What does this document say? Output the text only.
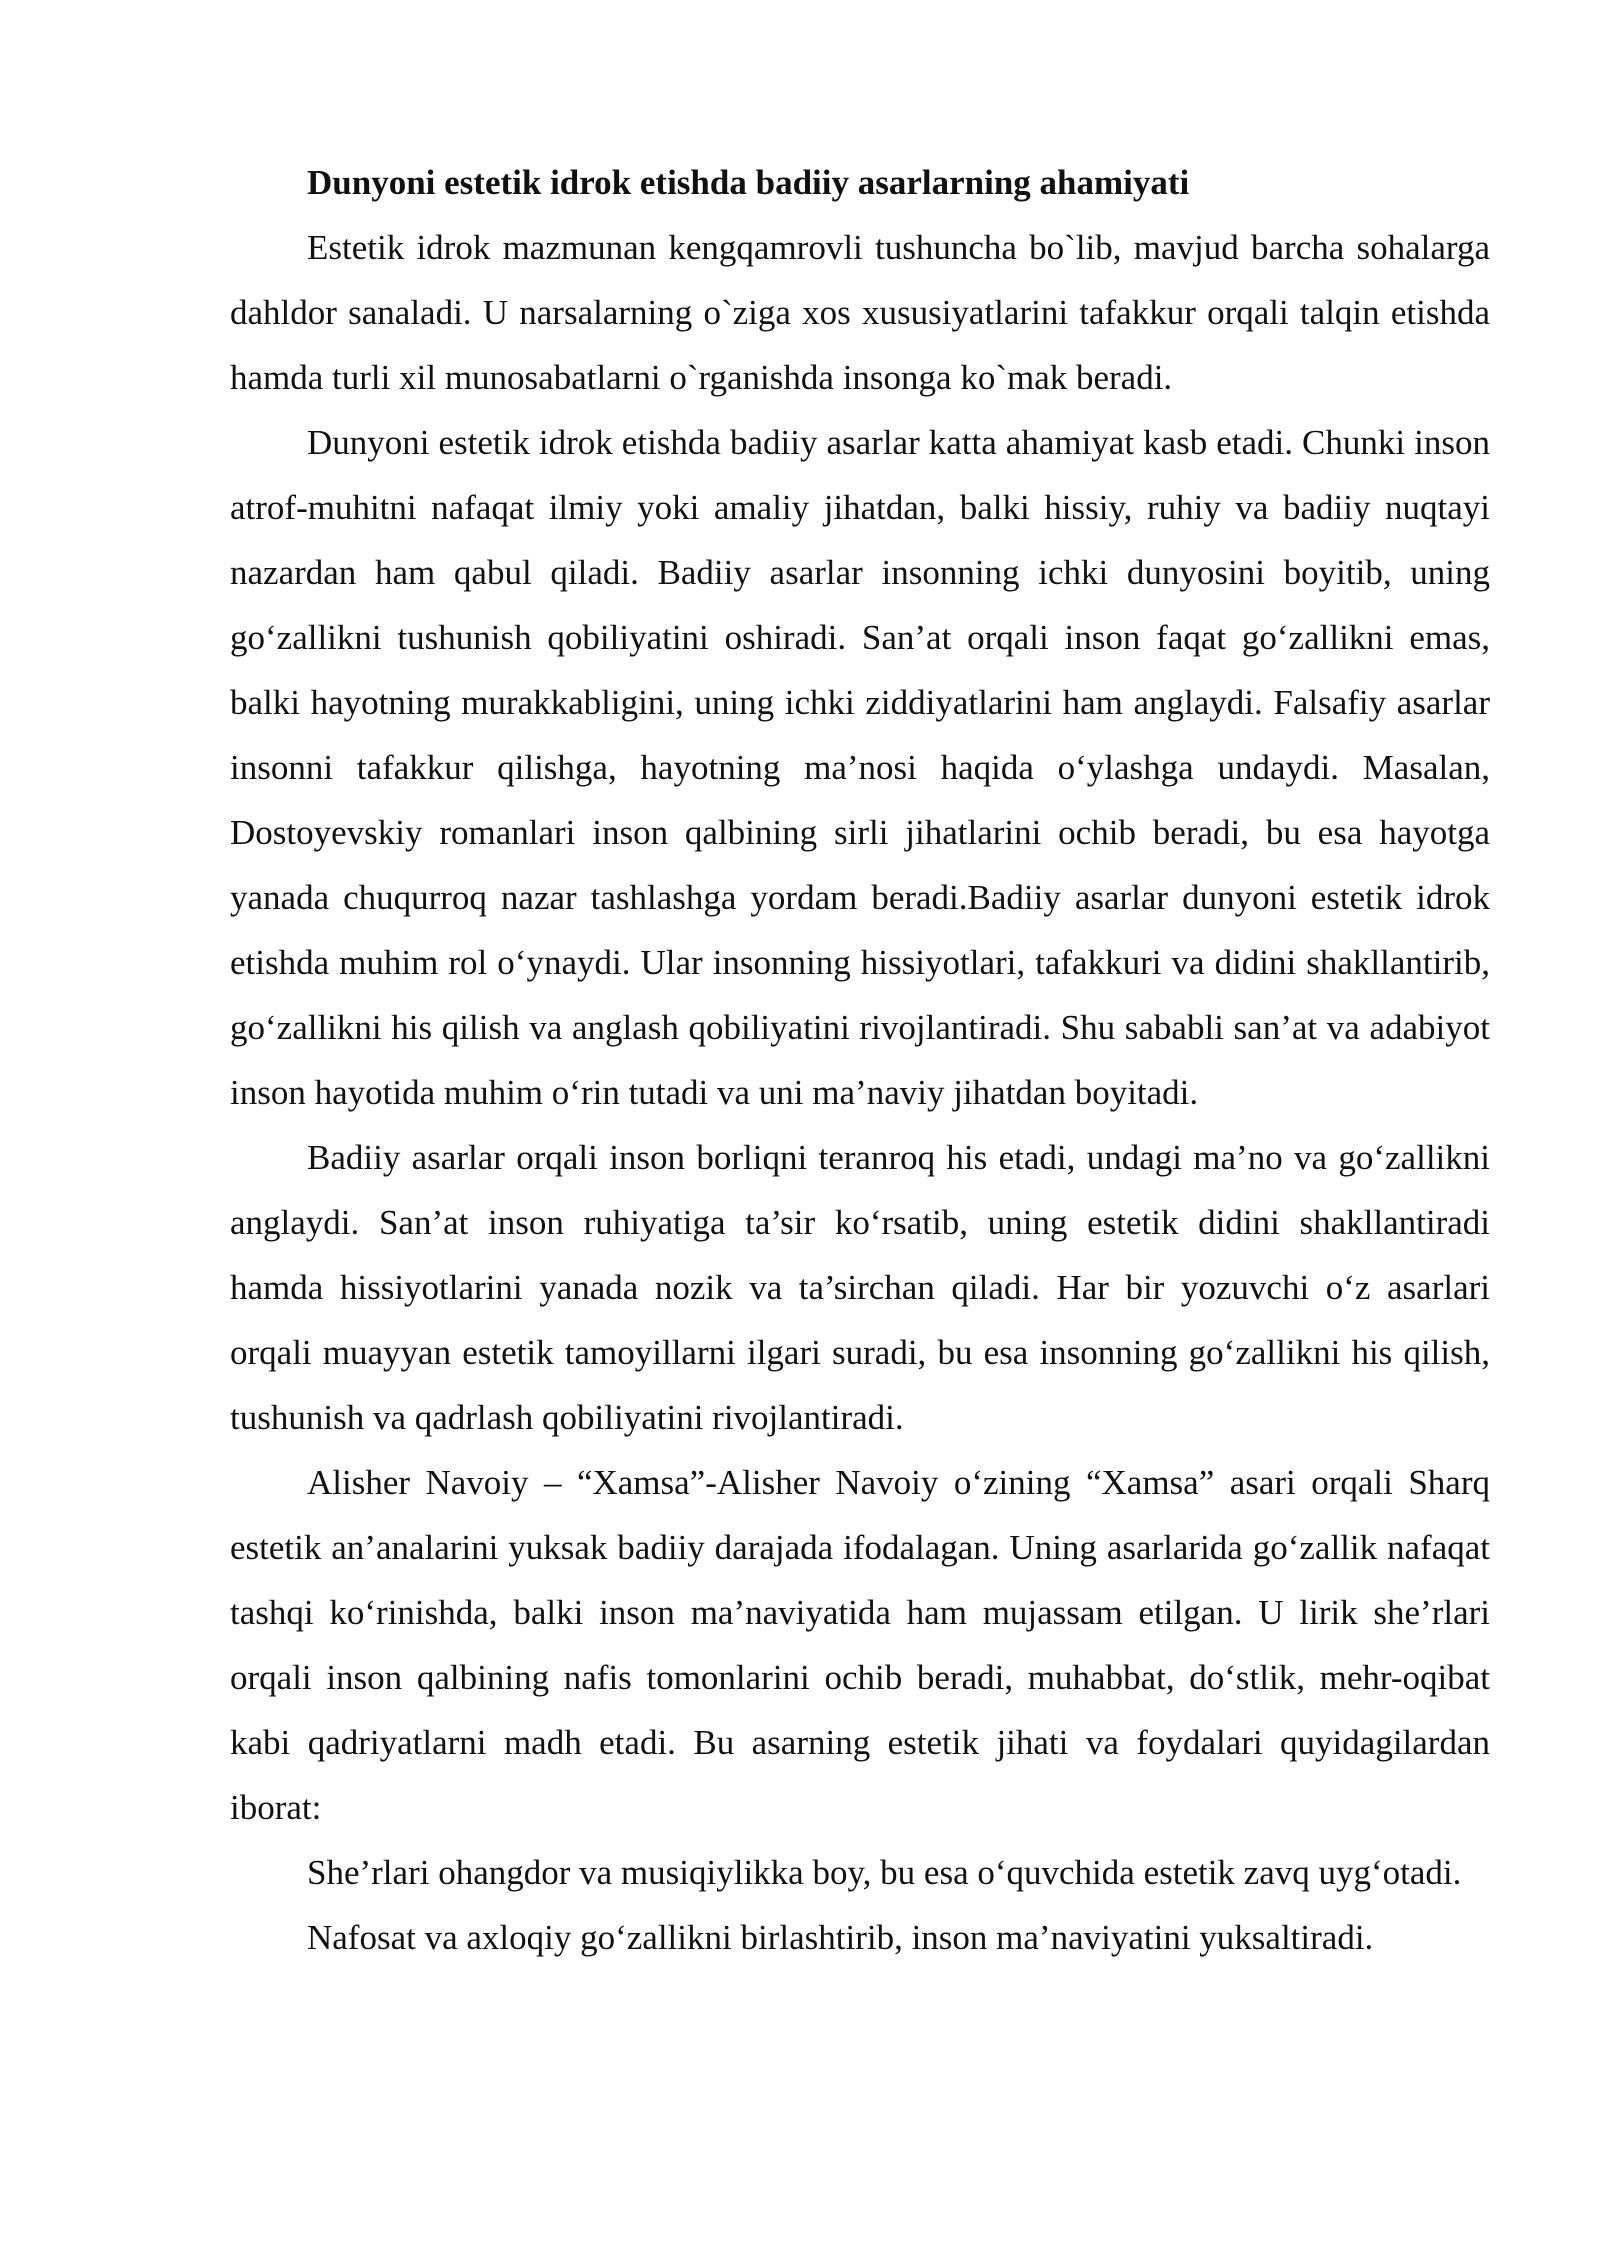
Dunyoni estetik idrok etishda badiiy asarlarning ahamiyati

Estetik idrok mazmunan kengqamrovli tushuncha bo`lib, mavjud barcha sohalarga dahldor sanaladi. U narsalarning o`ziga xos xususiyatlarini tafakkur orqali talqin etishda hamda turli xil munosabatlarni o`rganishda insonga ko`mak beradi.

Dunyoni estetik idrok etishda badiiy asarlar katta ahamiyat kasb etadi. Chunki inson atrof-muhitni nafaqat ilmiy yoki amaliy jihatdan, balki hissiy, ruhiy va badiiy nuqtayi nazardan ham qabul qiladi. Badiiy asarlar insonning ichki dunyosini boyitib, uning go‘zallikni tushunish qobiliyatini oshiradi. San’at orqali inson faqat go‘zallikni emas, balki hayotning murakkabligini, uning ichki ziddiyatlarini ham anglaydi. Falsafiy asarlar insonni tafakkur qilishga, hayotning ma’nosi haqida o‘ylashga undaydi. Masalan, Dostoyevskiy romanlari inson qalbining sirli jihatlarini ochib beradi, bu esa hayotga yanada chuqurroq nazar tashlashga yordam beradi.Badiiy asarlar dunyoni estetik idrok etishda muhim rol o‘ynaydi. Ular insonning hissiyotlari, tafakkuri va didini shakllantirib, go‘zallikni his qilish va anglash qobiliyatini rivojlantiradi. Shu sababli san’at va adabiyot inson hayotida muhim o‘rin tutadi va uni ma’naviy jihatdan boyitadi.

Badiiy asarlar orqali inson borliqni teranroq his etadi, undagi ma’no va go‘zallikni anglaydi. San’at inson ruhiyatiga ta’sir ko‘rsatib, uning estetik didini shakllantiradi hamda hissiyotlarini yanada nozik va ta’sirchan qiladi. Har bir yozuvchi o‘z asarlari orqali muayyan estetik tamoyillarni ilgari suradi, bu esa insonning go‘zallikni his qilish, tushunish va qadrlash qobiliyatini rivojlantiradi.

Alisher Navoiy – “Xamsa”-Alisher Navoiy o‘zining “Xamsa” asari orqali Sharq estetik an’analarini yuksak badiiy darajada ifodalagan. Uning asarlarida go‘zallik nafaqat tashqi ko‘rinishda, balki inson ma’naviyatida ham mujassam etilgan. U lirik she’rlari orqali inson qalbining nafis tomonlarini ochib beradi, muhabbat, do‘stlik, mehr-oqibat kabi qadriyatlarni madh etadi. Bu asarning estetik jihati va foydalari quyidagilardan iborat:

She’rlari ohangdor va musiqiylikka boy, bu esa o‘quvchida estetik zavq uyg‘otadi.

Nafosat va axloqiy go‘zallikni birlashtirib, inson ma’naviyatini yuksaltiradi.
